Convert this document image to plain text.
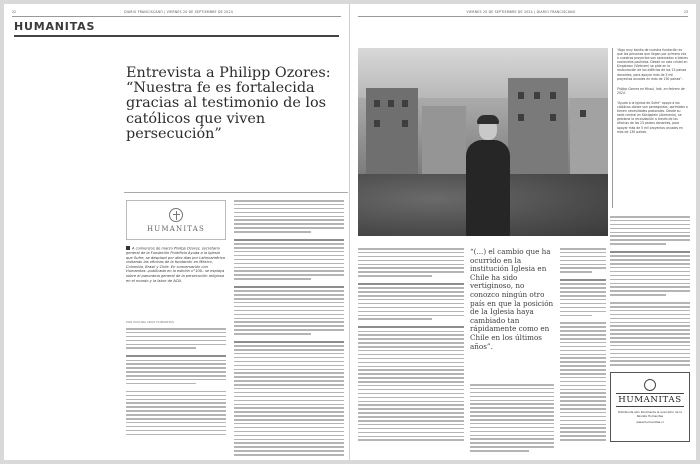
22	DIARIO FRANCISCANO | VIERNES 20 DE SEPTIEMBRE DE 2024
HUMANITAS
Entrevista a Philipp Ozores: “Nuestra fe es fortalecida gracias al testimonio de los católicos que viven persecución”
HUMANITAS
A comienzos de marzo Philipp Ozores, secretario general de la Fundación Pontificia Ayuda a la Iglesia que Sufre, se desplazó por diez días por Latinoamérica visitando las oficinas de la fundación en México, Colombia, Brasil y Chile. En conversación con Humanitas –publicada en la edición n°100– se explaya sobre el panorama general de la persecución religiosa en el mundo y la labor de ACN.
POR PAULINA CRUZ HUMANITAS
VIERNES 20 DE SEPTIEMBRE DE 2024 | DIARIO FRANCISCANO	23
“Algo muy bonito de nuestra fundación es que las personas que llegan por primera vez a nuestros proyectos son apreciadas a bienes nacionales paulistas. Desde un solo cristal en Kingstown (Vietnam) se pide en la restauración de los edificios de los 15 países donantes, para apoyar más de 5 mil proyectos anuales en más de 130 países”.
Philipp Ozores en Mosul, Irak, en febrero de 2024.
“Ayuda a la Iglesia de Sufre” apoya a los católicos donde son perseguidos, oprimidos o tienen necesidades pastorales. Desde su sede central en Königstein (Alemania), se gestiona la recaudación a través de las oficinas de los 23 países donantes, para apoyar más de 5 mil proyectos anuales en más de 130 países.
“(...) el cambio que ha ocurrido en la institución Iglesia en Chile ha sido vertiginoso, no conozco ningún otro país en que la posición de la Iglesia haya cambiado tan rápidamente como en Chile en los últimos años”.
HUMANITAS
Distribuida sólo libremente al suscriptor de la Revista Humanitas
www.humanitas.cl
